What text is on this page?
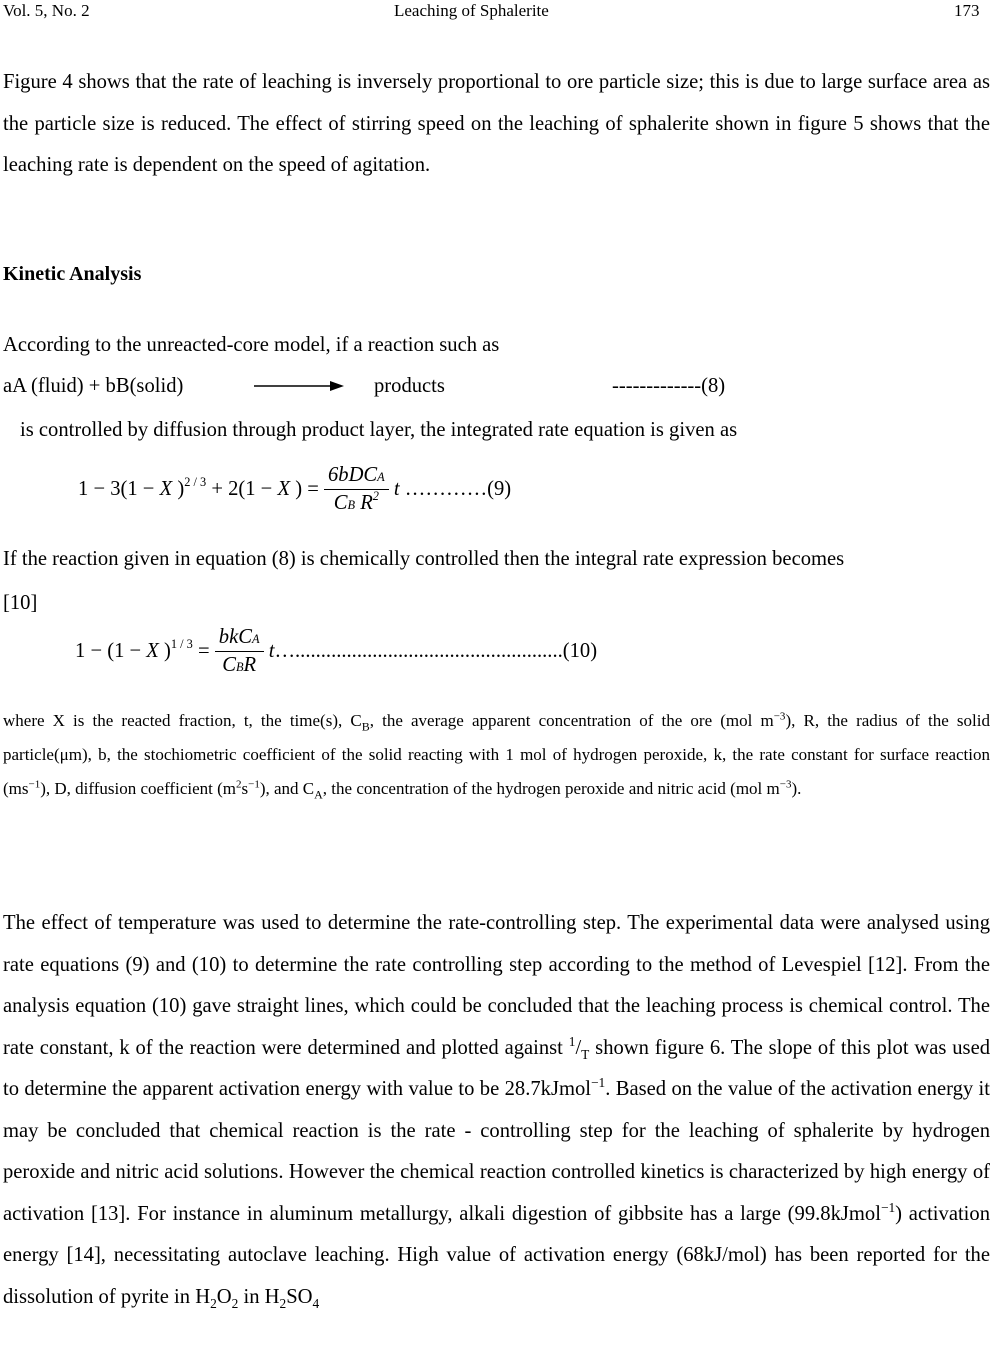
Vol. 5, No. 2	Leaching of Sphalerite	173
Figure 4 shows that the rate of leaching is inversely proportional to ore particle size; this is due to large surface area as the particle size is reduced. The effect of stirring speed on the leaching of sphalerite shown in figure 5 shows that the leaching rate is dependent on the speed of agitation.
Kinetic Analysis
According to the unreacted-core model, if a reaction such as
aA (fluid) + bB(solid)	products	-------------(8)
is controlled by diffusion through product layer, the integrated rate equation is given as
1 − 3(1 − X )$^{2 / 3}$ + 2(1 − X ) = $\frac{\text{6bDCA}}{CB R^2}$ t …………(9)
If the reaction given in equation (8) is chemically controlled then the integral rate expression becomes
[10]
1 − (1 − X )$^{1 / 3} = \frac{\text{bkCA}}{\text{CBR}}$ t…....................................................(10)
where X is the reacted fraction, t, the time(s), $C_B$, the average apparent concentration of the ore (mol $m^{-3}$), R, the radius of the solid particle(μm), b, the stochiometric coefficient of the solid reacting with 1 mol of hydrogen peroxide, k, the rate constant for surface reaction $(ms^{-1})$, D, diffusion coefficient $(m^2s^{-1})$, and $C_A$, the concentration of the hydrogen peroxide and nitric acid (mol $m^{-3}$).
The effect of temperature was used to determine the rate-controlling step. The experimental data were analysed using rate equations (9) and (10) to determine the rate controlling step according to the method of Levespiel [12]. From the analysis equation (10) gave straight lines, which could be concluded that the leaching process is chemical control. The rate constant, k of the reaction were determined and plotted against $^1/_T$ shown figure 6. The slope of this plot was used to determine the apparent activation energy with value to be 28.7kJmol$^{-1}$. Based on the value of the activation energy it may be concluded that chemical reaction is the rate - controlling step for the leaching of sphalerite by hydrogen peroxide and nitric acid solutions. However the chemical reaction controlled kinetics is characterized by high energy of activation [13]. For instance in aluminum metallurgy, alkali digestion of gibbsite has a large (99.8kJmol$^{-1}$) activation energy [14], necessitating autoclave leaching. High value of activation energy (68kJ/mol) has been reported for the dissolution of pyrite in $H_2O_2$ in $H_2SO_4$
